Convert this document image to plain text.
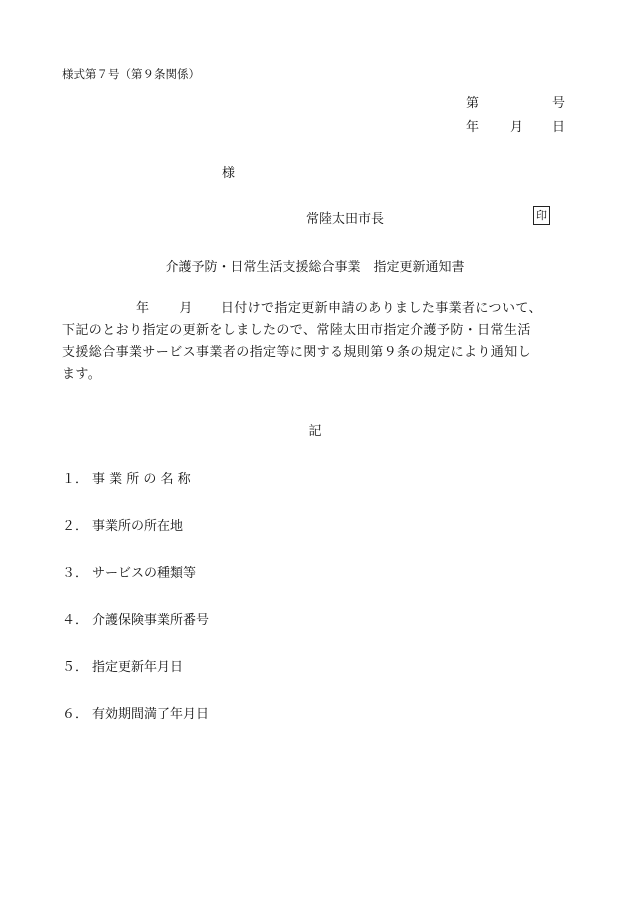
様式第７号（第９条関係）
第	号
年 月 日
様
常陸太田市長	印
介護予防・日常生活支援総合事業　指定更新通知書
年 月 日付けで指定更新申請のありました事業者について、
下記のとおり指定の更新をしましたので、常陸太田市指定介護予防・日常生活
支援総合事業サービス事業者の指定等に関する規則第９条の規定により通知し
ます。
記
１． 事 業 所 の 名 称
２． 事業所の所在地
３． サービスの種類等
４． 介護保険事業所番号
５． 指定更新年月日
６． 有効期間満了年月日
